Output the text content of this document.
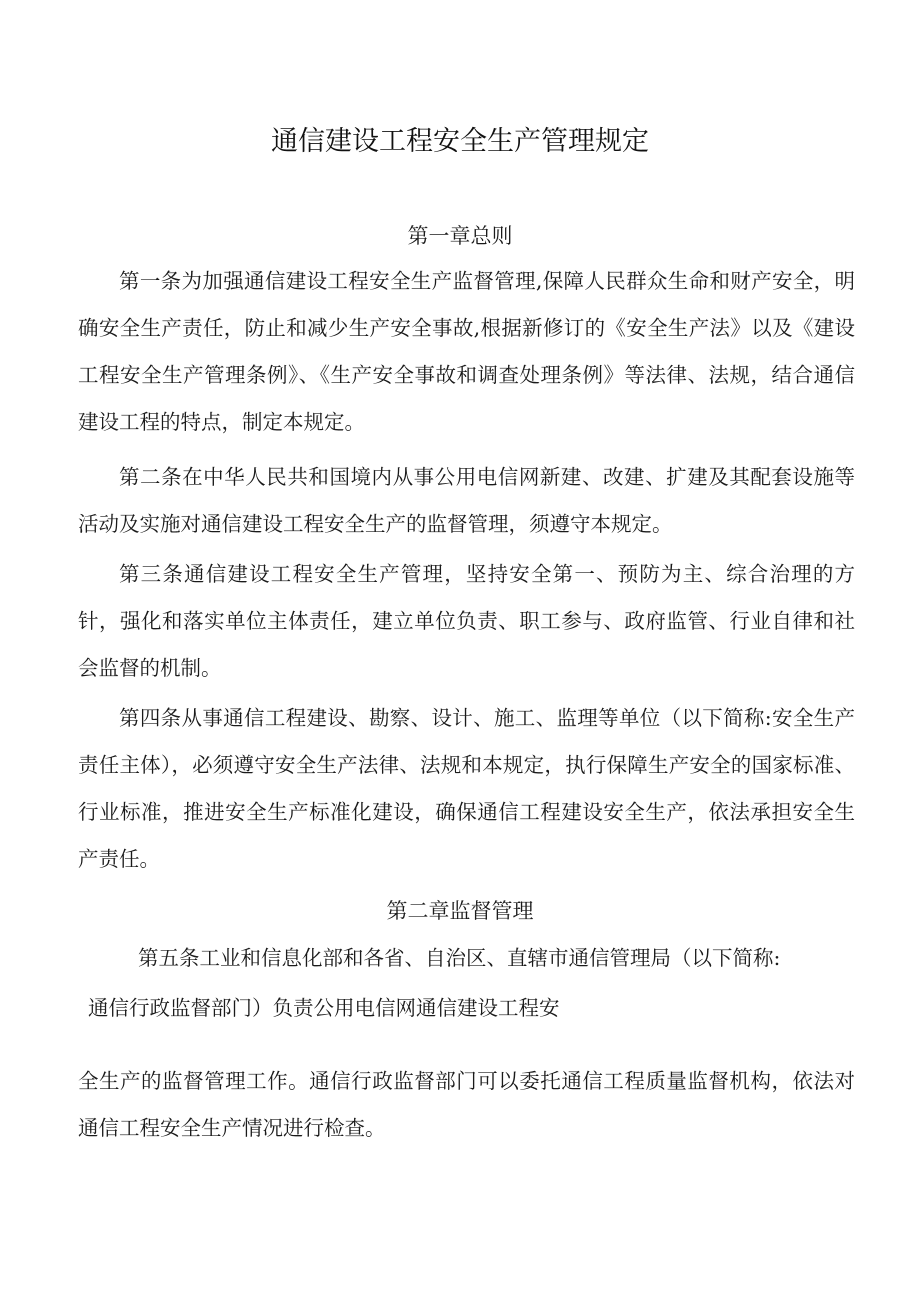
通信建设工程安全生产管理规定
第一章总则

第一条为加强通信建设工程安全生产监督管理,保障人民群众生命和财产安全，明确安全生产责任，防止和减少生产安全事故,根据新修订的《安全生产法》以及《建设工程安全生产管理条例》、《生产安全事故和调查处理条例》等法律、法规，结合通信建设工程的特点，制定本规定。

第二条在中华人民共和国境内从事公用电信网新建、改建、扩建及其配套设施等活动及实施对通信建设工程安全生产的监督管理，须遵守本规定。

第三条通信建设工程安全生产管理，坚持安全第一、预防为主、综合治理的方针，强化和落实单位主体责任，建立单位负责、职工参与、政府监管、行业自律和社会监督的机制。

第四条从事通信工程建设、勘察、设计、施工、监理等单位（以下简称:安全生产责任主体），必须遵守安全生产法律、法规和本规定，执行保障生产安全的国家标准、行业标准，推进安全生产标准化建设，确保通信工程建设安全生产，依法承担安全生产责任。

第二章监督管理

第五条工业和信息化部和各省、自治区、直辖市通信管理局（以下简称:

通信行政监督部门）负责公用电信网通信建设工程安

全生产的监督管理工作。通信行政监督部门可以委托通信工程质量监督机构，依法对通信工程安全生产情况进行检查。
